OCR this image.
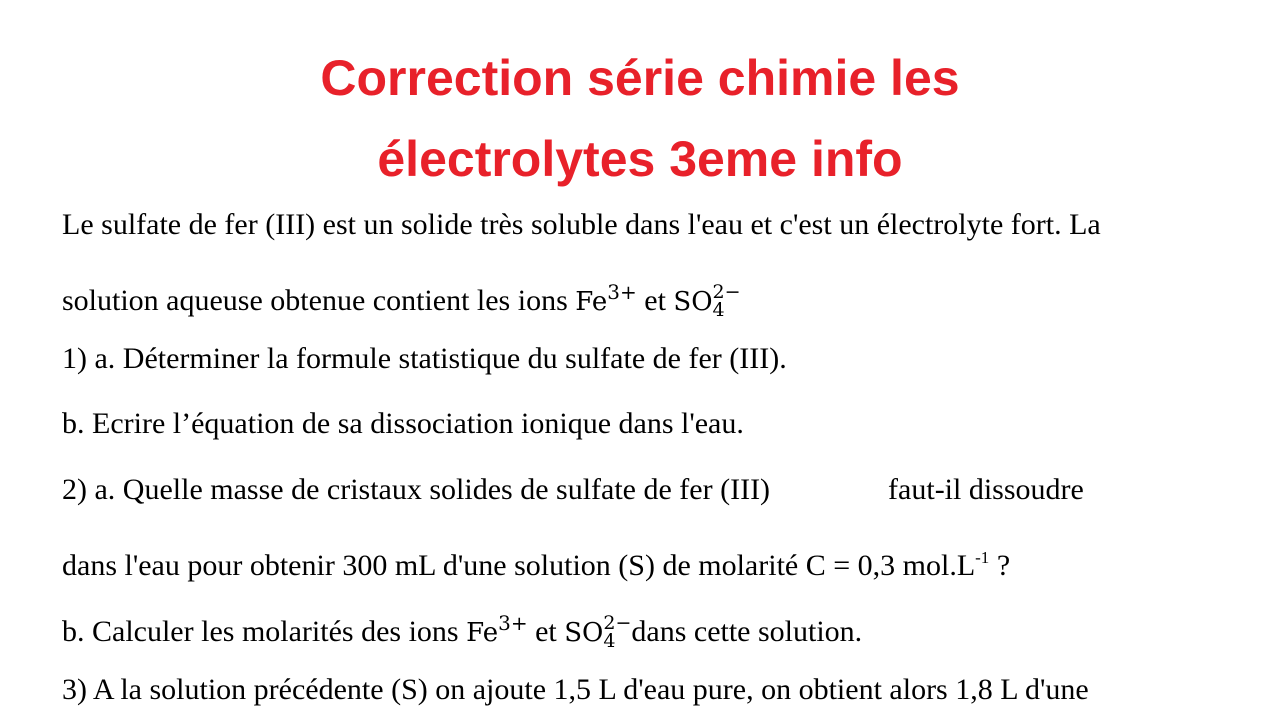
Correction série chimie les
électrolytes 3eme info

Le sulfate de fer (III) est un solide très soluble dans l'eau et c'est un électrolyte fort. La

solution aqueuse obtenue contient les ions $Fe^{3+}$ et SO 2−
4

1) a. Déterminer la formule statistique du sulfate de fer (III).

b. Ecrire l’équation de sa dissociation ionique dans l'eau.

2) a. Quelle masse de cristaux solides de sulfate de fer (III)	faut-il dissoudre

dans l'eau pour obtenir 300 mL d'une solution (S) de molarité C = 0,3 $mol.L^{-1}$ ?

b. Calculer les molarités des ions $Fe^{3+}$ et SO 2−
4 dans cette solution.

3) A la solution précédente (S) on ajoute 1,5 L d'eau pure, on obtient alors 1,8 L d'une
